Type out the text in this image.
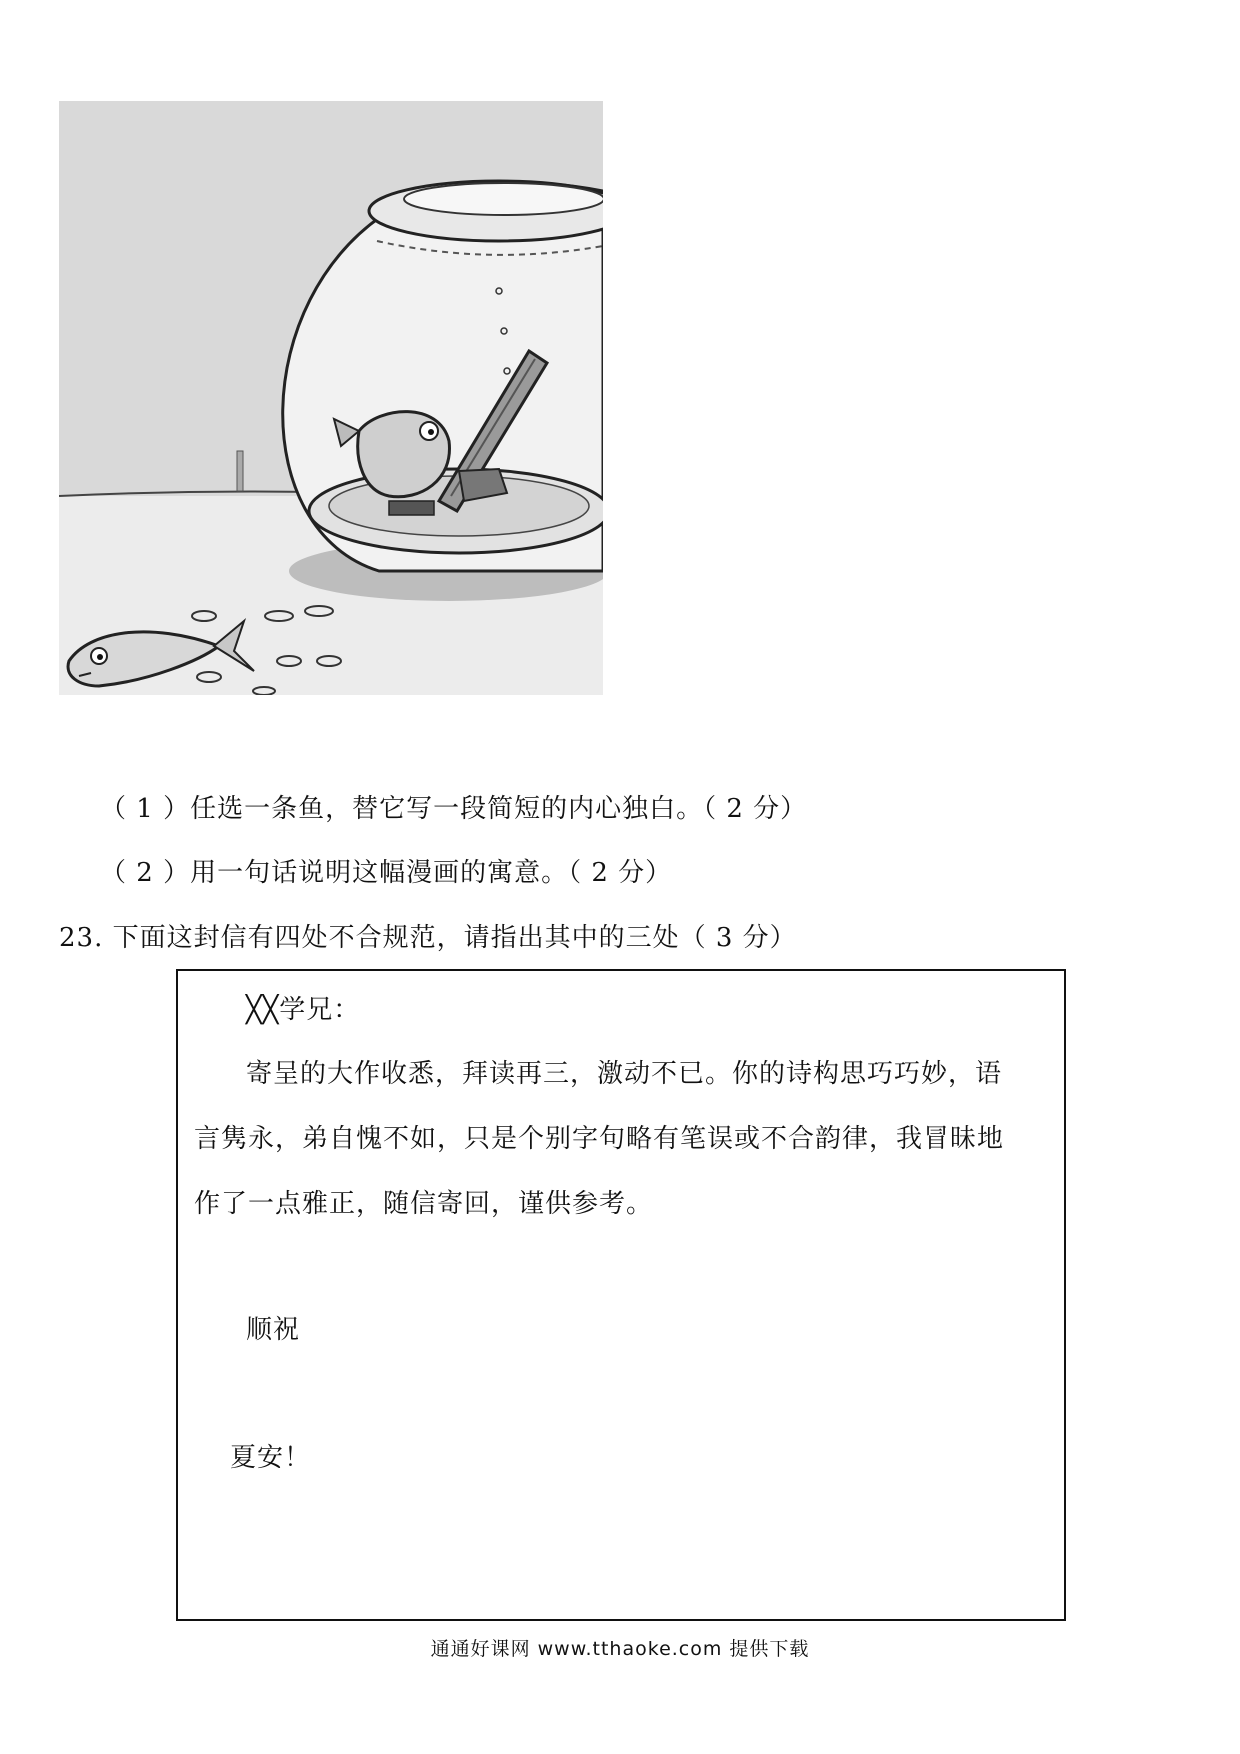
（ 1 ）任选一条鱼，替它写一段简短的内心独白。（ 2 分）
（ 2 ）用一句话说明这幅漫画的寓意。（ 2 分）
23. 下面这封信有四处不合规范，请指出其中的三处（ 3 分）
╳╳学兄：
寄呈的大作收悉，拜读再三，激动不已。你的诗构思巧巧妙，语
言隽永，弟自愧不如，只是个别字句略有笔误或不合韵律，我冒昧地
作了一点雅正，随信寄回，谨供参考。
顺祝
夏安！
通通好课网 www.tthaoke.com 提供下载
